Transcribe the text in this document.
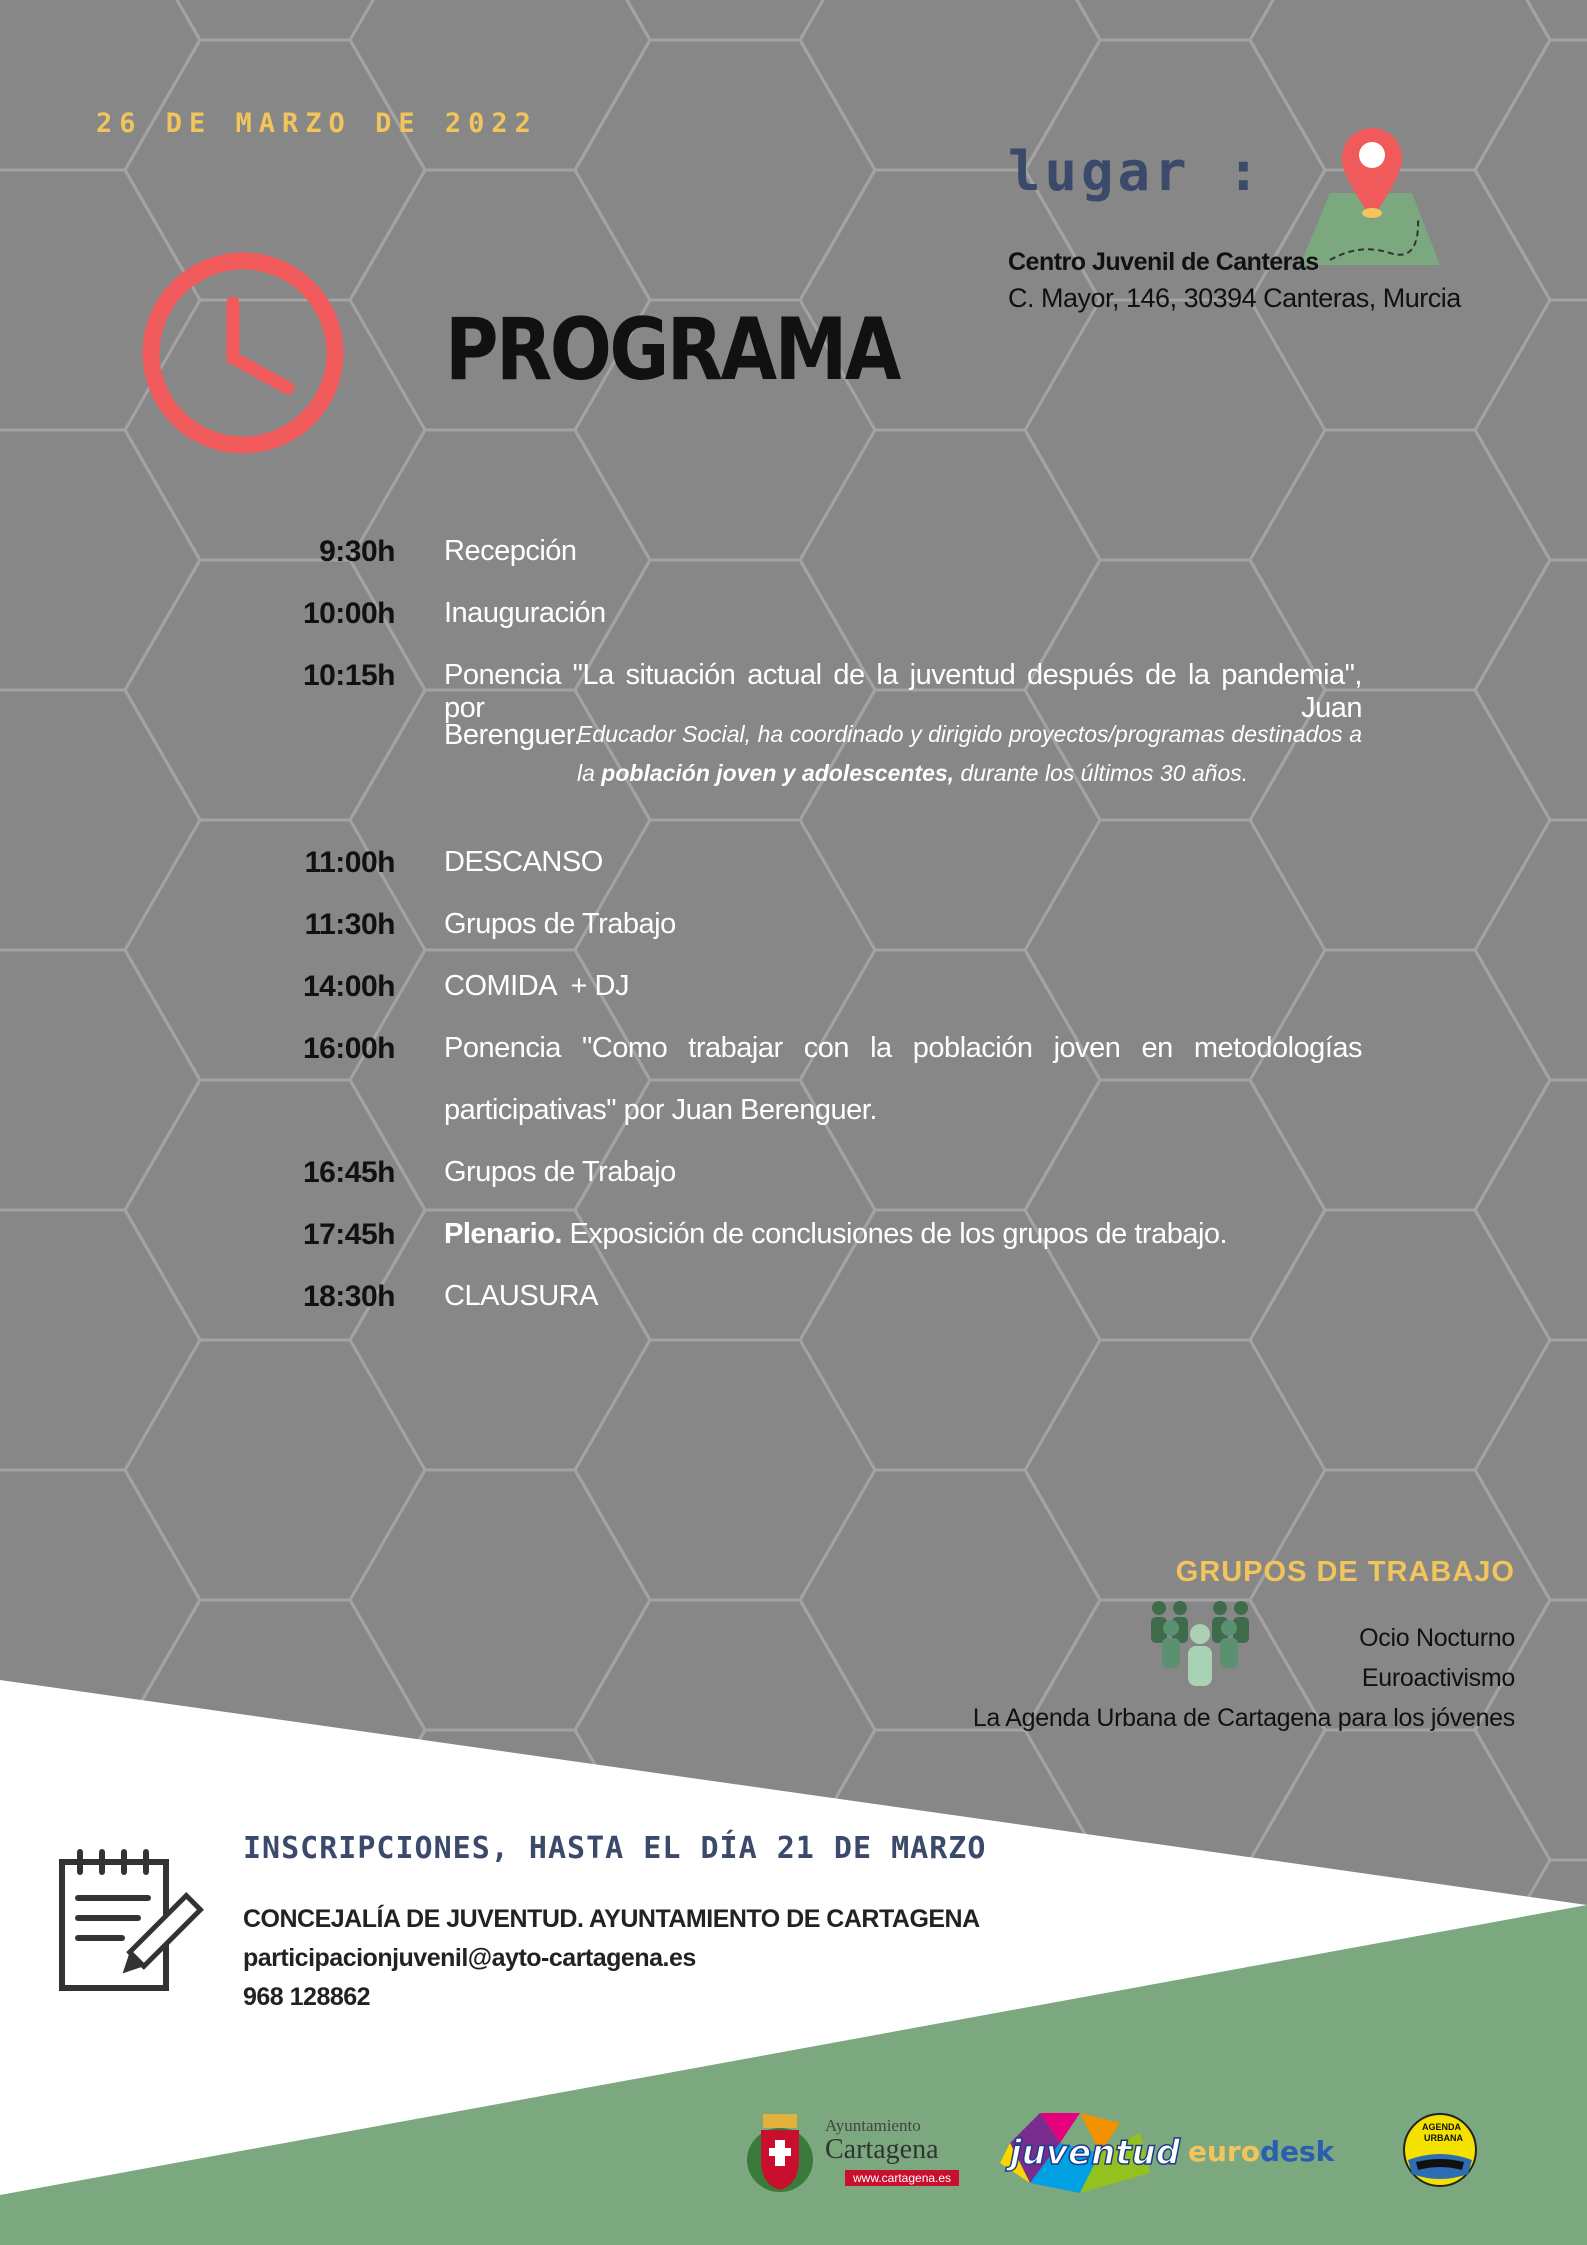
26 DE MARZO DE 2022
lugar :
Centro Juvenil de Canteras
C. Mayor, 146, 30394 Canteras, Murcia
PROGRAMA
9:30h Recepción
10:00h Inauguración
10:15h Ponencia "La situación actual de la juventud después de la pandemia", por Juan
Berenguer.
Educador Social, ha coordinado y dirigido proyectos/programas destinados a la población joven y adolescentes, durante los últimos 30 años.
11:00h DESCANSO
11:30h Grupos de Trabajo
14:00h COMIDA  + DJ
16:00h Ponencia "Como trabajar con la población joven en metodologías
participativas" por Juan Berenguer.
16:45h Grupos de Trabajo
17:45h Plenario. Exposición de conclusiones de los grupos de trabajo.
18:30h CLAUSURA
GRUPOS DE TRABAJO
Ocio Nocturno
Euroactivismo
La Agenda Urbana de Cartagena para los jóvenes
INSCRIPCIONES, HASTA EL DÍA 21 DE MARZO
CONCEJALÍA DE JUVENTUD. AYUNTAMIENTO DE CARTAGENA
participacionjuvenil@ayto-cartagena.es
968 128862
Ayuntamiento
Cartagena
www.cartagena.es
juventud eurodesk
AGENDA
URBANA
